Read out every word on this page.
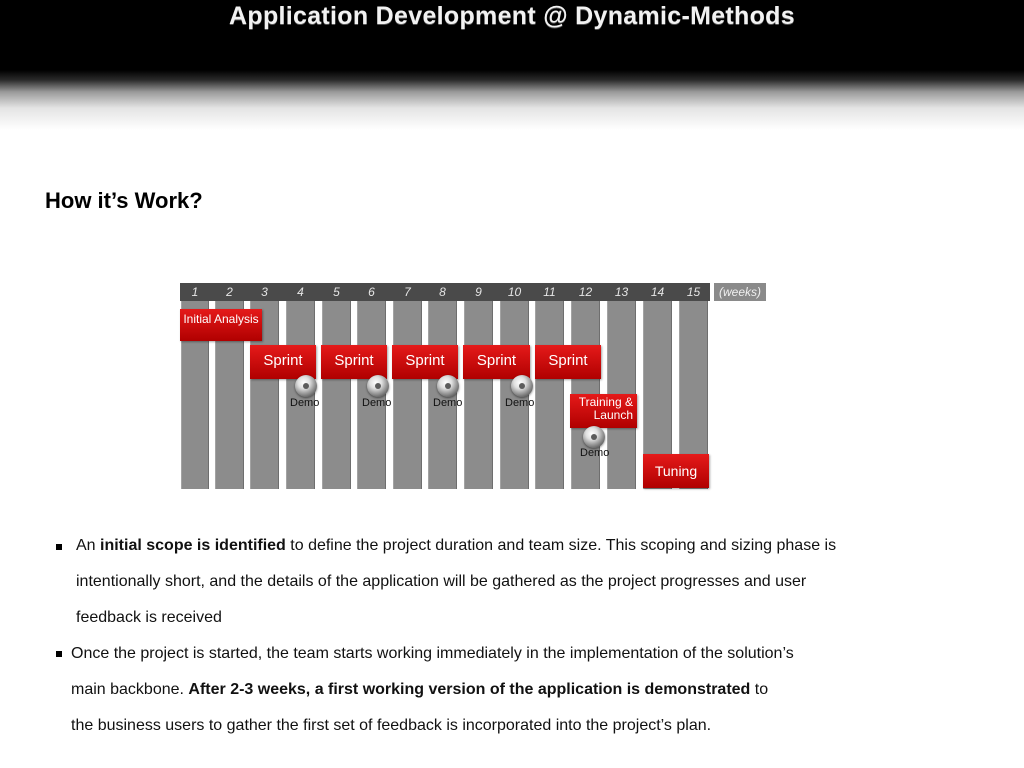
Application Development @ Dynamic-Methods
How it’s Work?
(weeks)
1	2	3	4	5	6	7	8	9	10	11	12	13	14	15
Initial Analysis
Sprint	Sprint	Sprint	Sprint	Sprint
Training & Launch
Tuning
Demo	Demo	Demo	Demo
Demo

An initial scope is identified to define the project duration and team size. This scoping and sizing phase is

intentionally short, and the details of the application will be gathered as the project progresses and user

feedback is received

Once the project is started, the team starts working immediately in the implementation of the solution’s

main backbone. After 2-3 weeks, a first working version of the application is demonstrated to

the business users to gather the first set of feedback is incorporated into the project’s plan.
